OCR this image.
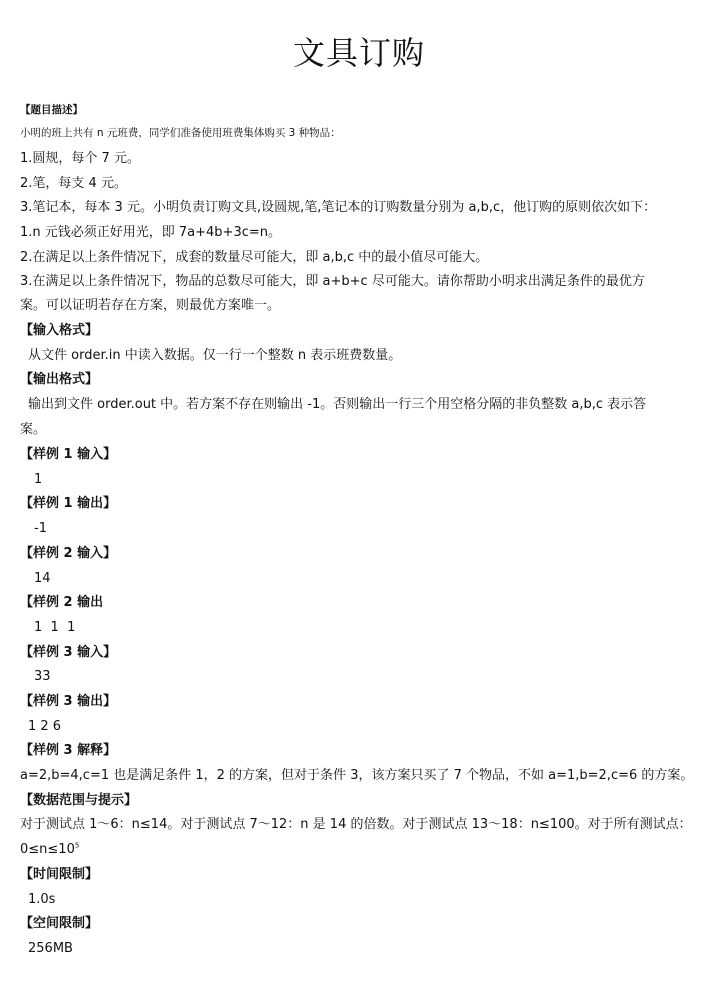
文具订购
【题目描述】
小明的班上共有 n 元班费，同学们准备使用班费集体购买 3 种物品：
1.圆规，每个 7 元。
2.笔，每支 4 元。
3.笔记本，每本 3 元。小明负责订购文具,设圆规,笔,笔记本的订购数量分别为 a,b,c，他订购的原则依次如下：
1.n 元钱必须正好用光，即 7a+4b+3c=n。
2.在满足以上条件情况下，成套的数量尽可能大，即 a,b,c 中的最小值尽可能大。
3.在满足以上条件情况下，物品的总数尽可能大，即 a+b+c 尽可能大。请你帮助小明求出满足条件的最优方
案。可以证明若存在方案，则最优方案唯一。
【输入格式】
从文件 order.in 中读入数据。仅一行一个整数 n 表示班费数量。
【输出格式】
输出到文件 order.out 中。若方案不存在则输出 -1。否则输出一行三个用空格分隔的非负整数 a,b,c 表示答
案。
【样例 1 输入】
1
【样例 1 输出】
-1
【样例 2 输入】
14
【样例 2 输出
1  1  1
【样例 3 输入】
33
【样例 3 输出】
1 2 6
【样例 3 解释】
a=2,b=4,c=1 也是满足条件 1，2 的方案，但对于条件 3，该方案只买了 7 个物品，不如 a=1,b=2,c=6 的方案。
【数据范围与提示】
对于测试点 1～6：n≤14。对于测试点 7～12：n 是 14 的倍数。对于测试点 13～18：n≤100。对于所有测试点：
$0\le n\le 10^5$
【时间限制】
1.0s
【空间限制】
256MB
